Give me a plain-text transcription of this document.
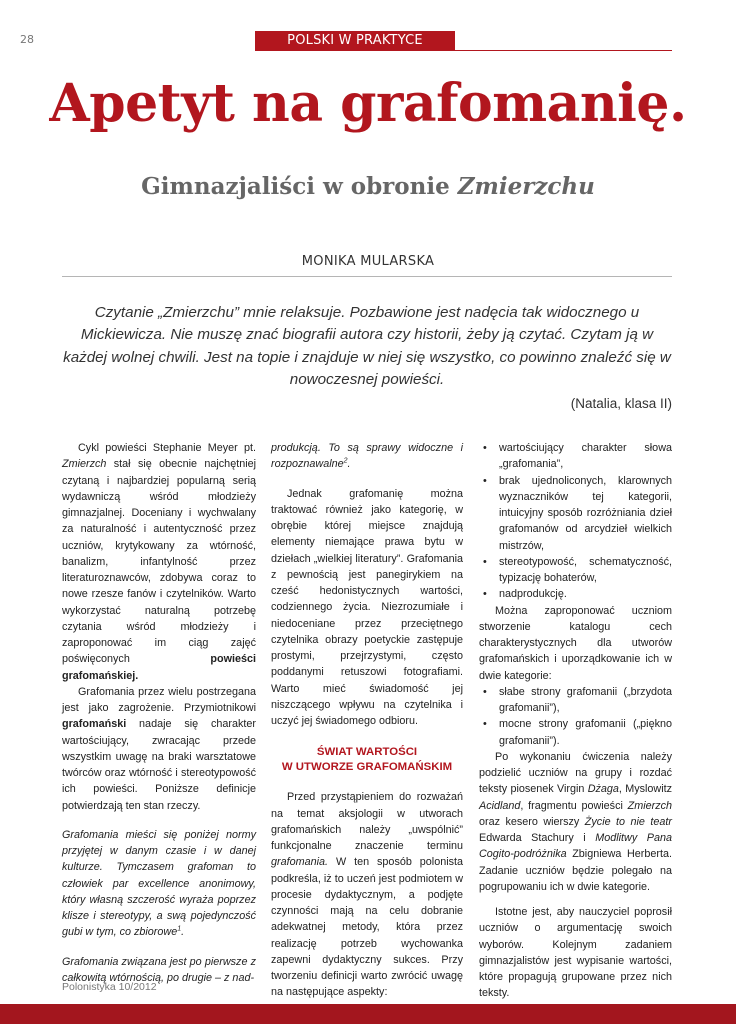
28	POLSKI W PRAKTYCE
Apetyt na grafomanię.
Gimnazjaliści w obronie Zmierzchu
MONIKA MULARSKA

Czytanie „Zmierzchu” mnie relaksuje. Pozbawione jest nadęcia tak widocznego u Mickiewicza. Nie muszę znać biografii autora czy historii, żeby ją czytać. Czytam ją w każdej wolnej chwili. Jest na topie i znajduje w niej się wszystko, co powinno znaleźć się w nowoczesnej powieści.

(Natalia, klasa II)

Cykl powieści Stephanie Meyer pt. Zmierzch stał się obecnie najchętniej czytaną i najbardziej popularną serią wydawniczą wśród młodzieży gimnazjalnej. Doceniany i wychwalany za naturalność i autentyczność przez uczniów, krytykowany za wtórność, banalizm, infantylność przez literaturoznawców, zdobywa coraz to nowe rzesze fanów i czytelników. Warto wykorzystać naturalną potrzebę czytania wśród młodzieży i zaproponować im ciąg zajęć poświęconych powieści grafomańskiej.

Grafomania przez wielu postrzegana jest jako zagrożenie. Przymiotnikowi grafomański nadaje się charakter wartościujący, zwracając przede wszystkim uwagę na braki warsztatowe twórców oraz wtórność i stereotypowość ich powieści. Poniższe definicje potwierdzają ten stan rzeczy.

Grafomania mieści się poniżej normy przyjętej w danym czasie i w danej kulturze. Tymczasem grafoman to człowiek par excellence anonimowy, który własną szczerość wyraża poprzez klisze i stereotypy, a swą pojedynczość gubi w tym, co zbiorowe$^1$.

Grafomania związana jest po pierwsze z całkowitą wtórnością, po drugie – z nad-

produkcją. To są sprawy widoczne i rozpoznawalne$^2$.

Jednak grafomanię można traktować również jako kategorię, w obrębie której miejsce znajdują elementy niemające prawa bytu w dziełach „wielkiej literatury”. Grafomania z pewnością jest panegirykiem na cześć hedonistycznych wartości, codziennego życia. Niezrozumiałe i niedoceniane przez przeciętnego czytelnika obrazy poetyckie zastępuje prostymi, przejrzystymi, często poddanymi retuszowi fotografiami. Warto mieć świadomość jej niszczącego wpływu na czytelnika i uczyć jej świadomego odbioru.

ŚWIAT WARTOŚCI
W UTWORZE GRAFOMAŃSKIM

Przed przystąpieniem do rozważań na temat aksjologii w utworach grafomańskich należy „uwspólnić” funkcjonalne znaczenie terminu grafomania. W ten sposób polonista podkreśla, iż to uczeń jest podmiotem w procesie dydaktycznym, a podjęte czynności mają na celu dobranie adekwatnej metody, która przez realizację potrzeb wychowanka zapewni dydaktyczny sukces. Przy tworzeniu definicji warto zwrócić uwagę na następujące aspekty:

• wartościujący charakter słowa „grafomania”,
• brak ujednoliconych, klarownych wyznaczników tej kategorii, intuicyjny sposób rozróżniania dzieł grafomanów od arcydzieł wielkich mistrzów,
• stereotypowość, schematyczność, typizację bohaterów,
• nadprodukcję.

Można zaproponować uczniom stworzenie katalogu cech charakterystycznych dla utworów grafomańskich i uporządkowanie ich w dwie kategorie:

• słabe strony grafomanii („brzydota grafomanii”),
• mocne strony grafomanii („piękno grafomanii”).

Po wykonaniu ćwiczenia należy podzielić uczniów na grupy i rozdać teksty piosenek Virgin Dżaga, Myslowitz Acidland, fragmentu powieści Zmierzch oraz kesero wierszy Życie to nie teatr Edwarda Stachury i Modlitwy Pana Cogito-podróżnika Zbigniewa Herberta. Zadanie uczniów będzie polegało na pogrupowaniu ich w dwie kategorie.

Istotne jest, aby nauczyciel poprosił uczniów o argumentację swoich wyborów. Kolejnym zadaniem gimnazjalistów jest wypisanie wartości, które propagują grupowane przez nich teksty.

Polonistyka 10/2012
